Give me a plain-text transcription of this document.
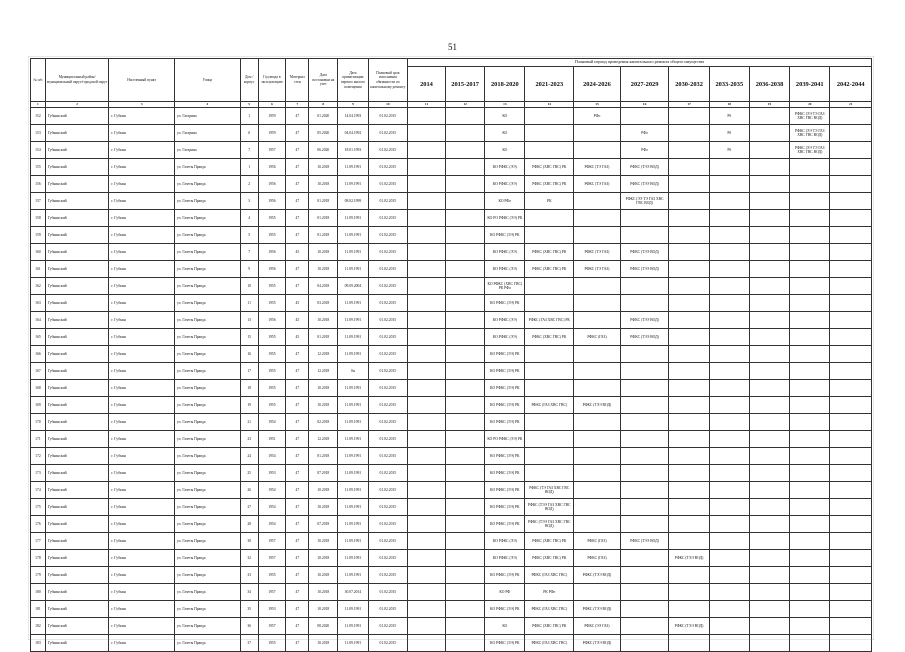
51
№ п/п	Муниципальный район/муниципальный округ/городской округ	Населенный пункт	Улица	Дом / корпус	Год ввода в эксплуатацию	Материал стен	Дата постановки на учет	Дата приватизации первого жилого помещения	Плановый срок исполнения обязанности по капитальному ремонту	Плановый период проведения капитального ремонта общего имущества										
										2014	2015-2017	2018-2020	2021-2023	2024-2026	2027-2029	2030-2032	2033-2035	2036-2038	2039-2041	2042-2044
1	2	3	4	5	6	7	8	9	10	11	12	13	14	15	16	17	18	19	20	21
152	Губкинский	г. Губкин	ул. Гагарина	1	1959	47	01.2020	14.04.1993	01.02.2015			КО		РФо			Рб		РФКС (ЭЭ ТЭ ГАЗ ХВС ГВС ВОД)	
153	Губкинский	г. Губкин	ул. Гагарина	6	1959	47	05.2020	04.04.1992	01.02.2015			КО			РФо		Рб		РФКС (ЭЭ ТЭ ГАЗ ХВС ГВС ВОД)	
154	Губкинский	г. Губкин	ул. Гагарина	7	1957	47	06.2020	18.01.1993	01.02.2015			КО			РФо		Рб		РФКС (ЭЭ ТЭ ГАЗ ХВС ГВС ВОД)	
155	Губкинский	г. Губкин	ул. Газеты Правда	1	1956	47	10.2018	11.09.1991	01.02.2015			КО РФКС (ЭЭ)	РФКС (ХВС ГВС) РК	РФКС (ТЭ ГАЗ)	РФКС (ТЭЭ ВОД)					
156	Губкинский	г. Губкин	ул. Газеты Правда	2	1956	47	10.2018	11.09.1991	01.02.2015			КО РФКС (ЭЭ)	РФКС (ХВС ГВС) РК	РФКС (ТЭ ГАЗ)	РФКС (ТЭЭ ВОД)					
157	Губкинский	г. Губкин	ул. Газеты Правда	3	1956	47	01.2018	08.02.1999	01.02.2015			КО РФо	РК		РФКС (ЭЭ ТЭ ГАЗ ХВС ГВС ВОД)					
158	Губкинский	г. Губкин	ул. Газеты Правда	4	1955	47	01.2018	11.09.1991	01.02.2015			КО РО РФКС (ЭЭ) РК								
159	Губкинский	г. Губкин	ул. Газеты Правда	5	1955	47	01.2018	11.09.1991	01.02.2015			КО РФКС (ЭЭ) РК								
160	Губкинский	г. Губкин	ул. Газеты Правда	7	1956	45	10.2018	11.09.1991	01.02.2015			КО РФКС (ЭЭ)	РФКС (ХВС ГВС) РК	РФКС (ТЭ ГАЗ)	РФКС (ТЭЭ ВОД)					
161	Губкинский	г. Губкин	ул. Газеты Правда	9	1956	47	10.2018	11.09.1991	01.02.2015			КО РФКС (ЭЭ)	РФКС (ХВС ГВС) РК	РФКС (ТЭ ГАЗ)	РФКС (ТЭЭ ВОД)					
162	Губкинский	г. Губкин	ул. Газеты Правда	10	1955	47	04.2018	09.09.2004	01.02.2015			КО РФКС (ХВС ГВС) РК РФо								
163	Губкинский	г. Губкин	ул. Газеты Правда	11	1955	45	03.2018	11.09.1991	01.02.2015			КО РФКС (ЭЭ) РК								
164	Губкинский	г. Губкин	ул. Газеты Правда	13	1956	45	10.2018	11.09.1991	01.02.2015			КО РФКС (ЭЭ)	РФКС (ГАЗ ХВС ГВС) РК		РФКС (ТЭЭ ВОД)					
165	Губкинский	г. Губкин	ул. Газеты Правда	15	1955	45	01.2018	11.09.1991	01.02.2015			КО РФКС (ЭЭ)	РФКС (ХВС ГВС) РК	РФКС (ГАЗ)	РФКС (ТЭЭ ВОД)					
166	Губкинский	г. Губкин	ул. Газеты Правда	16	1955	47	12.2018	11.09.1991	01.02.2015			КО РФКС (ЭЭ) РК								
167	Губкинский	г. Губкин	ул. Газеты Правда	17	1955	47	12.2018	0н	01.02.2015			КО РФКС (ЭЭ) РК								
168	Губкинский	г. Губкин	ул. Газеты Правда	18	1955	47	10.2018	11.09.1991	01.02.2015			КО РФКС (ЭЭ) РК								
169	Губкинский	г. Губкин	ул. Газеты Правда	19	1955	47	10.2018	11.09.1991	01.02.2015			КО РФКС (ЭЭ) РК	РФКС (ГАЗ ХВС ГВС)	РФКС (ТЭЭ ВОД)						
170	Губкинский	г. Губкин	ул. Газеты Правда	21	1954	47	02.2018	11.09.1991	01.02.2015			КО РФКС (ЭЭ) РК								
171	Губкинский	г. Губкин	ул. Газеты Правда	23	1951	47	12.2018	11.09.1991	01.02.2015			КО РО РФКС (ЭЭ) РК								
172	Губкинский	г. Губкин	ул. Газеты Правда	24	1954	47	01.2018	11.09.1991	01.02.2015			КО РФКС (ЭЭ) РК								
173	Губкинский	г. Губкин	ул. Газеты Правда	25	1953	47	07.2018	11.09.1991	01.02.2015			КО РФКС (ЭЭ) РК								
174	Губкинский	г. Губкин	ул. Газеты Правда	26	1954	47	10.2018	11.09.1991	01.02.2015			КО РФКС (ЭЭ) РК	РФКС (ТЭ ГАЗ ХВС ГВС ВОД)							
175	Губкинский	г. Губкин	ул. Газеты Правда	27	1954	47	10.2018	11.09.1991	01.02.2015			КО РФКС (ЭЭ) РК	РФКС (ТЭЭ ГАЗ ХВС ГВС ВОД)							
176	Губкинский	г. Губкин	ул. Газеты Правда	28	1954	47	07.2018	11.09.1991	01.02.2015			КО РФКС (ЭЭ) РК	РФКС (ТЭЭ ГАЗ ХВС ГВС ВОД)							
177	Губкинский	г. Губкин	ул. Газеты Правда	30	1957	47	10.2018	11.09.1991	01.02.2015			КО РФКС (ЭЭ)	РФКС (ХВС ГВС) РК	РФКС (ГАЗ)	РФКС (ТЭЭ ВОД)					
178	Губкинский	г. Губкин	ул. Газеты Правда	32	1957	47	10.2018	11.09.1991	01.02.2015			КО РФКС (ЭЭ)	РФКС (ХВС ГВС) РК	РФКС (ГАЗ)		РФКС (ТЭЭ ВОД)				
179	Губкинский	г. Губкин	ул. Газеты Правда	33	1955	47	10.2018	11.09.1991	01.02.2015			КО РФКС (ЭЭ) РК	РФКС (ГАЗ ХВС ГВС)	РФКС (ТЭЭ ВОД)						
180	Губкинский	г. Губкин	ул. Газеты Правда	34	1957	47	10.2018	30.07.2014	01.02.2015			КО РФ	РК РФо							
181	Губкинский	г. Губкин	ул. Газеты Правда	35	1953	47	10.2018	11.09.1991	01.02.2015			КО РФКС (ЭЭ) РК	РФКС (ГАЗ ХВС ГВС)	РФКС (ТЭЭ ВОД)						
182	Губкинский	г. Губкин	ул. Газеты Правда	36	1957	47	08.2020	11.09.1991	01.02.2015			КО	РФКС (ХВС ГВС) РК	РФКС (ЭЭ ГАЗ)		РФКС (ТЭЭ ВОД)				
183	Губкинский	г. Губкин	ул. Газеты Правда	37	1955	47	10.2018	11.09.1991	01.02.2015			КО РФКС (ЭЭ) РК	РФКС (ГАЗ ХВС ГВС)	РФКС (ТЭЭ ВОД)						
